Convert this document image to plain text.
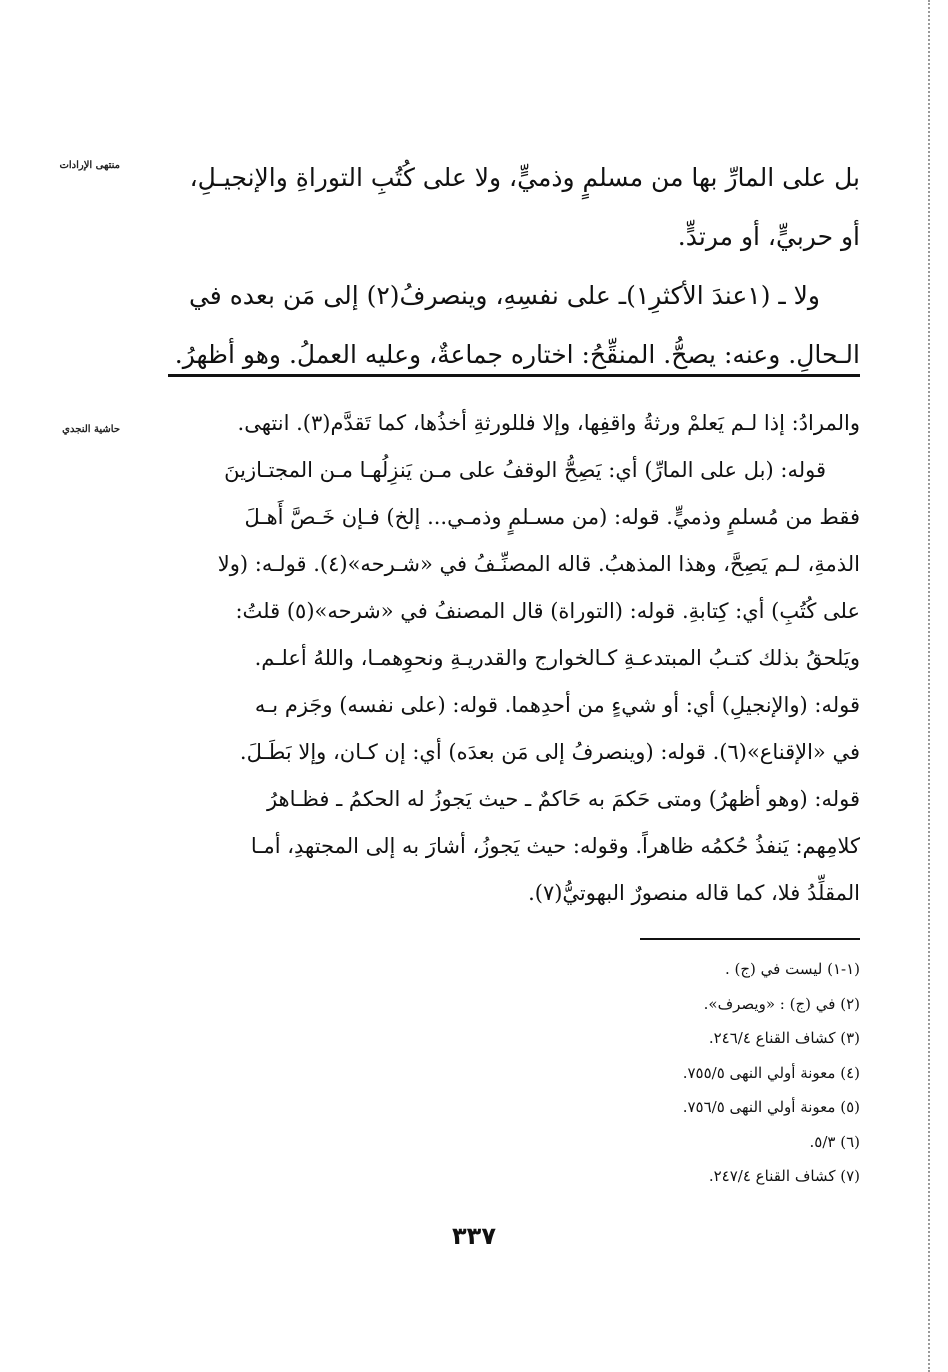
منتهى الإرادات	بل على المارِّ بها من مسلمٍ وذميٍّ، ولا على كُتُبِ التوراةِ والإنجيـلِ،
أو حربيٍّ، أو مرتدٍّ.
ولا ـ (١عندَ الأكثرِ١)ـ على نفسِهِ، وينصرفُ(٢) إلى مَن بعده في
الـحالِ. وعنه: يصحُّ. المنقِّحُ: اختاره جماعةٌ، وعليه العملُ. وهو أظهرُ.
حاشية النجدي	والمرادُ: إذا لـم يَعلمْ ورثةُ واقفِها، وإلا فللورثةِ أخذُها، كما تَقدَّم(٣). انتهى.
قوله: (بل على المارِّ) أي: يَصِحُّ الوقفُ على مـن يَنزِلُهـا مـن المجتـازينَ
فقط من مُسلمٍ وذميٍّ. قوله: (من مسـلمٍ وذمـي... إلخ) فـإن خَـصَّ أَهـلَ
الذمةِ، لـم يَصِحَّ، وهذا المذهبُ. قاله المصنِّـفُ في «شـرحه»(٤). قولـه: (ولا
على كُتُبِ) أي: كِتابةِ. قوله: (التوراة) قال المصنفُ في «شرحه»(٥) قلتُ:
ويَلحقُ بذلك كتـبُ المبتدعـةِ كـالخوارج والقدريـةِ ونحوِهمـا، واللهُ أعلـم.
قوله: (والإنجيلِ) أي: أو شيءٍ من أحدِهما. قوله: (على نفسه) وجَزم بـه
في «الإقناع»(٦). قوله: (وينصرفُ إلى مَن بعدَه) أي: إن كـان، وإلا بَطَـلَ.
قوله: (وهو أظهرُ) ومتى حَكمَ به حَاكمٌ ـ حيث يَجوزُ له الحكمُ ـ فظـاهرُ
كلامِهم: يَنفذُ حُكمُه ظاهراً. وقوله: حيث يَجوزُ، أشارَ به إلى المجتهدِ، أمـا
المقلِّدُ فلا، كما قاله منصورٌ البهوتيُّ(٧).
(١-١) ليست في (ج) .
(٢) في (ج) : «ويصرف».
(٣) كشاف القناع ٢٤٦/٤.
(٤) معونة أولي النهى ٧٥٥/٥.
(٥) معونة أولي النهى ٧٥٦/٥.
(٦) ٥/٣.
(٧) كشاف القناع ٢٤٧/٤.
٣٣٧
